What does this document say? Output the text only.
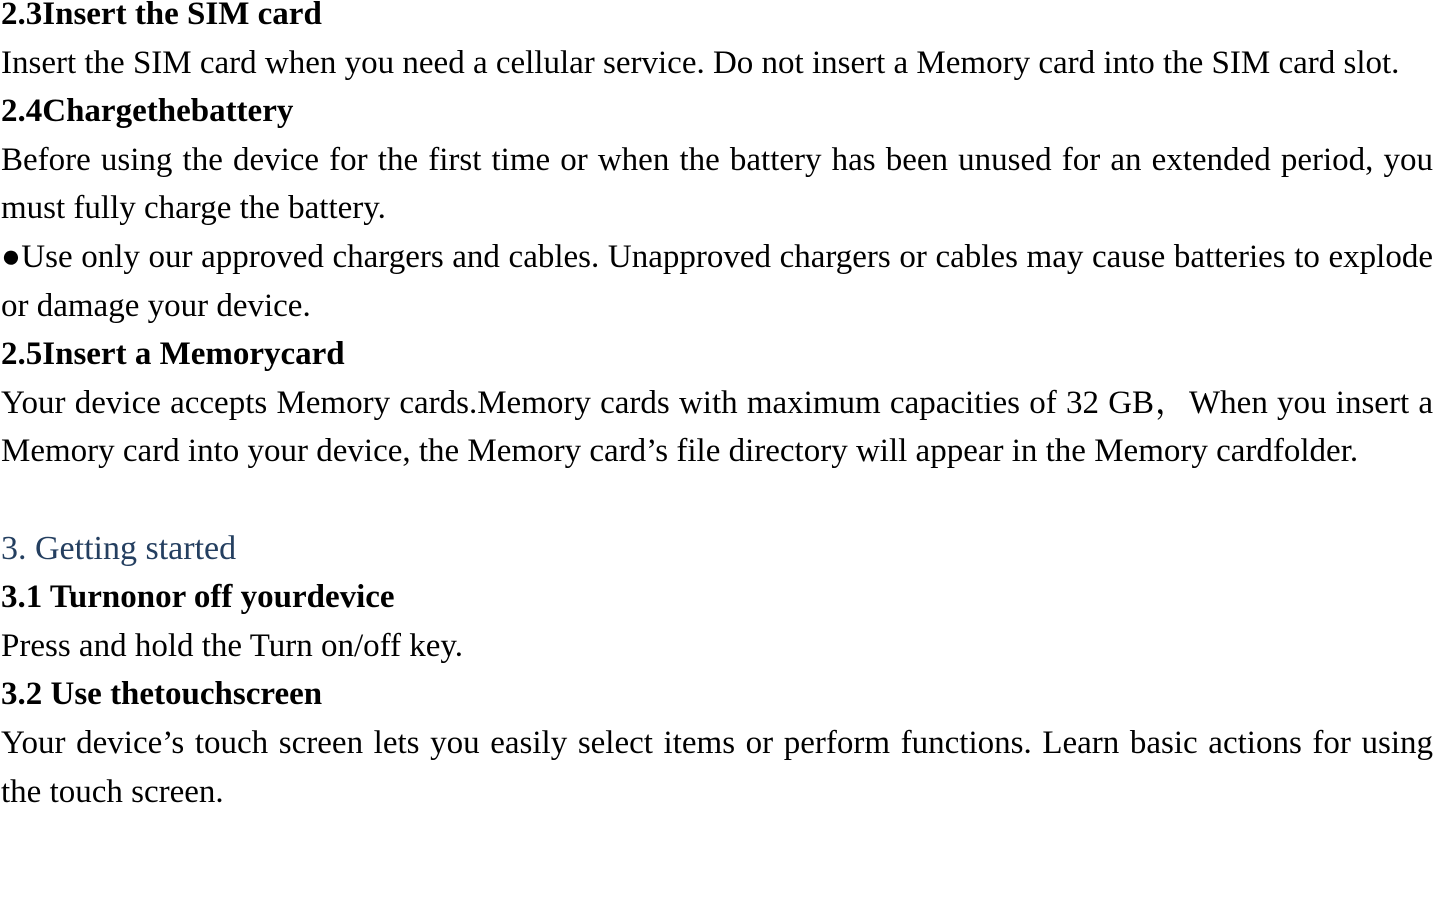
2.3Insert the SIM card

Insert the SIM card when you need a cellular service. Do not insert a Memory card into the SIM card slot.

2.4Chargethebattery

Before using the device for the first time or when the battery has been unused for an extended period, you must fully charge the battery.

●Use only our approved chargers and cables. Unapproved chargers or cables may cause batteries to explode or damage your device.

2.5Insert a Memorycard

Your device accepts Memory cards.Memory cards with maximum capacities of 32 GB，When you insert a Memory card into your device, the Memory card’s file directory will appear in the Memory cardfolder.

3. Getting started

3.1 Turnonor off yourdevice

Press and hold the Turn on/off key.

3.2 Use thetouchscreen

Your device’s touch screen lets you easily select items or perform functions. Learn basic actions for using the touch screen.
